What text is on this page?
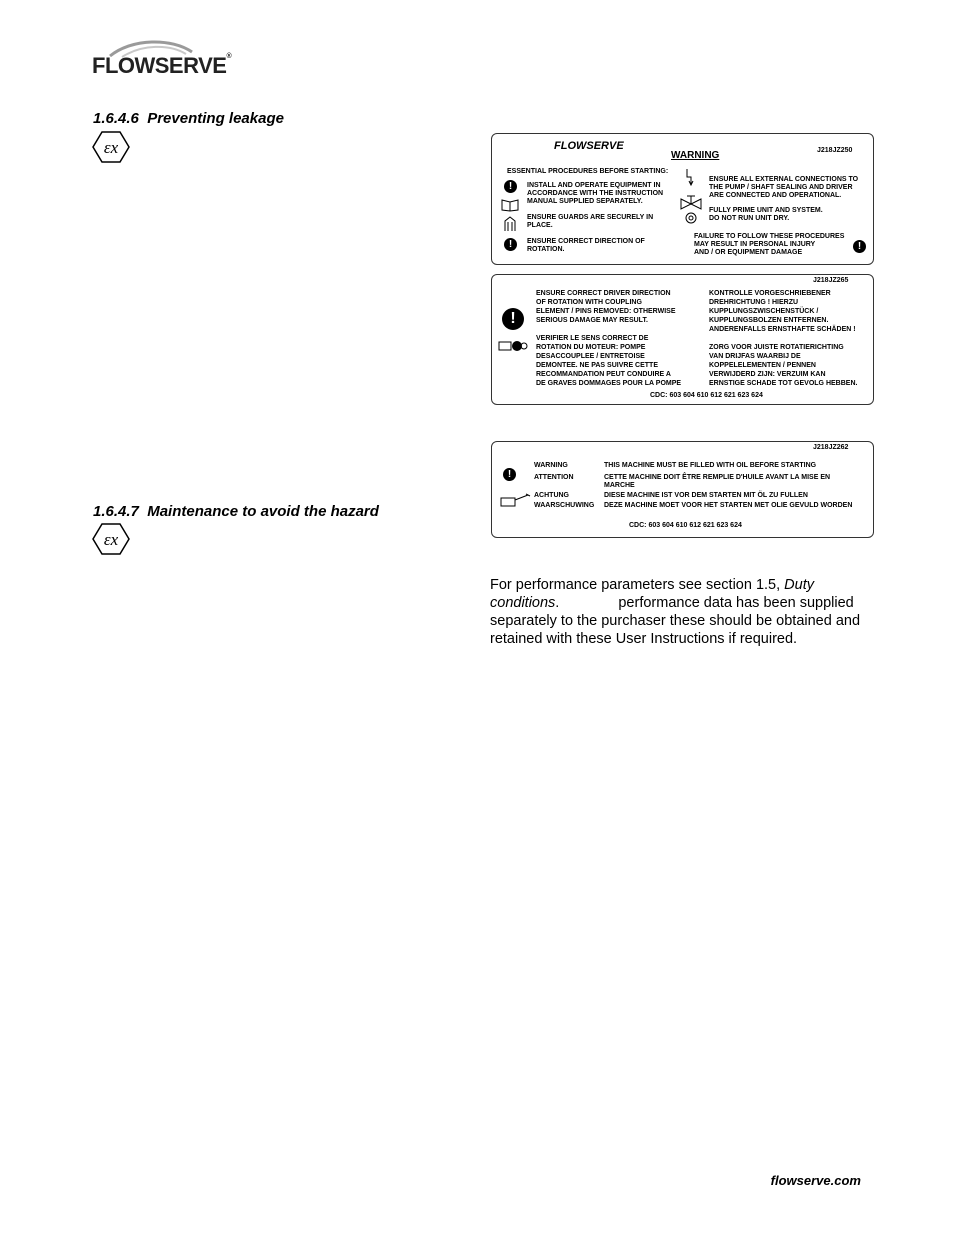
FLOWSERVE®
1.6.4.6 Preventing leakage
εx
1.6.4.7 Maintenance to avoid the hazard
εx
FLOWSERVE
WARNING	J218JZ250
ESSENTIAL PROCEDURES BEFORE STARTING:
!	INSTALL AND OPERATE EQUIPMENT IN
ACCORDANCE WITH THE INSTRUCTION
MANUAL SUPPLIED SEPARATELY.
ENSURE GUARDS ARE SECURELY IN
PLACE.
!	ENSURE CORRECT DIRECTION OF
ROTATION.
ENSURE ALL EXTERNAL CONNECTIONS TO
THE PUMP / SHAFT SEALING AND DRIVER
ARE CONNECTED AND OPERATIONAL.
FULLY PRIME UNIT AND SYSTEM.
DO NOT RUN UNIT DRY.
FAILURE TO FOLLOW THESE PROCEDURES
MAY RESULT IN PERSONAL INJURY
AND / OR EQUIPMENT DAMAGE
!
J218JZ265
!
ENSURE CORRECT DRIVER DIRECTION
OF ROTATION WITH COUPLING
ELEMENT / PINS REMOVED: OTHERWISE
SERIOUS DAMAGE MAY RESULT.
VERIFIER LE SENS CORRECT DE
ROTATION DU MOTEUR: POMPE
DESACCOUPLEE / ENTRETOISE
DEMONTEE. NE PAS SUIVRE CETTE
RECOMMANDATION PEUT CONDUIRE A
DE GRAVES DOMMAGES POUR LA POMPE
KONTROLLE VORGESCHRIEBENER
DREHRICHTUNG ! HIERZU
KUPPLUNGSZWISCHENSTÜCK /
KUPPLUNGSBOLZEN ENTFERNEN.
ANDERENFALLS ERNSTHAFTE SCHÄDEN !
ZORG VOOR JUISTE ROTATIERICHTING
VAN DRIJFAS WAARBIJ DE
KOPPELELEMENTEN / PENNEN
VERWIJDERD ZIJN: VERZUIM KAN
ERNSTIGE SCHADE TOT GEVOLG HEBBEN.
CDC: 603 604 610 612 621 623 624
J218JZ262
!
WARNING	THIS MACHINE MUST BE FILLED WITH OIL BEFORE STARTING
ATTENTION	CETTE MACHINE DOIT ÊTRE REMPLIE D'HUILE AVANT LA MISE EN
MARCHE
ACHTUNG	DIESE MACHINE IST VOR DEM STARTEN MIT ÖL ZU FULLEN
WAARSCHUWING DEZE MACHINE MOET VOOR HET STARTEN MET OLIE GEVULD WORDEN
CDC: 603 604 610 612 621 623 624
For performance parameters see section 1.5, Duty conditions.	performance data has been supplied separately to the purchaser these should be obtained and retained with these User Instructions if required.
flowserve.com
